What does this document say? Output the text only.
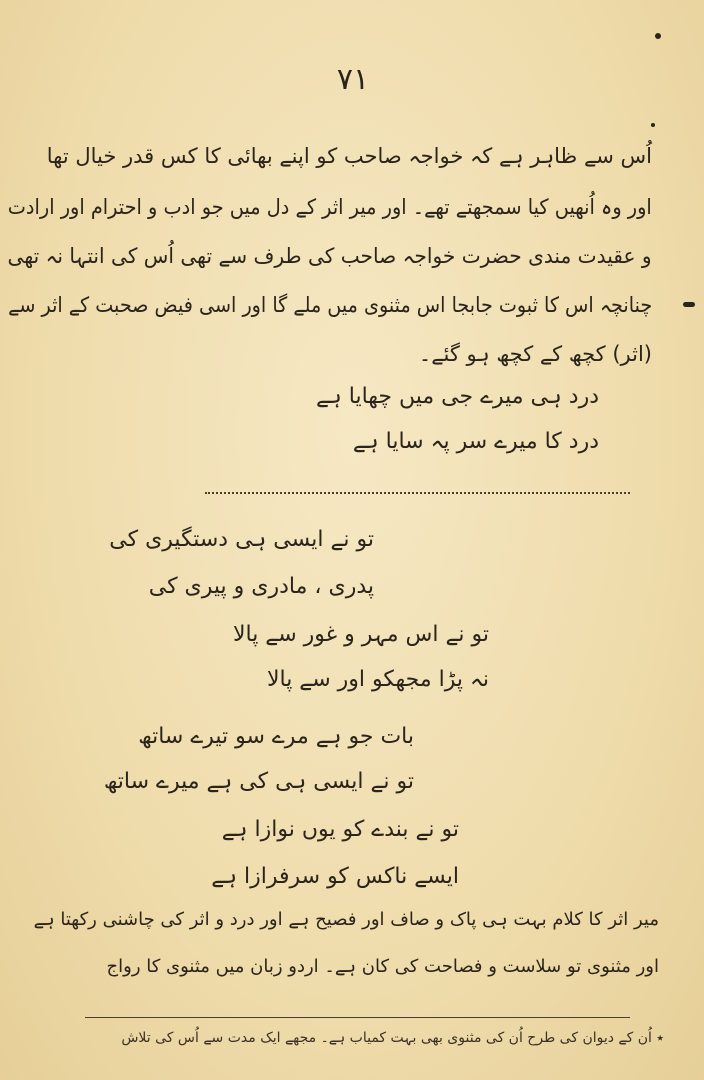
۷۱
اُس سے ظاہر ہے کہ خواجہ صاحب کو اپنے بھائی کا کس قدر خیال تھا
اور وہ اُنھیں کیا سمجھتے تھے۔ اور میر اثر کے دل میں جو ادب و احترام اور ارادت
و عقیدت مندی حضرت خواجہ صاحب کی طرف سے تھی اُس کی انتہا نہ تھی
چنانچہ اس کا ثبوت جابجا اس مثنوی میں ملے گا اور اسی فیض صحبت کے اثر سے
(اثر) کچھ کے کچھ ہو گئے۔
درد ہی میرے جی میں چھایا ہے
درد کا میرے سر پہ سایا ہے
تو نے ایسی ہی دستگیری کی
پدری ، مادری و پیری کی
تو نے اس مہر و غور سے پالا
نہ پڑا مجھکو اور سے پالا
بات جو ہے مرے سو تیرے ساتھ
تو نے ایسی ہی کی ہے میرے ساتھ
تو نے بندے کو یوں نوازا ہے
ایسے ناکس کو سرفرازا ہے
میر اثر کا کلام بہت ہی پاک و صاف اور فصیح ہے اور درد و اثر کی چاشنی رکھتا ہے
اور مثنوی تو سلاست و فصاحت کی کان ہے۔ اردو زبان میں مثنوی کا رواج
٭ اُن کے دیوان کی طرح اُن کی مثنوی بھی بہت کمیاب ہے۔ مجھے ایک مدت سے اُس کی تلاش
